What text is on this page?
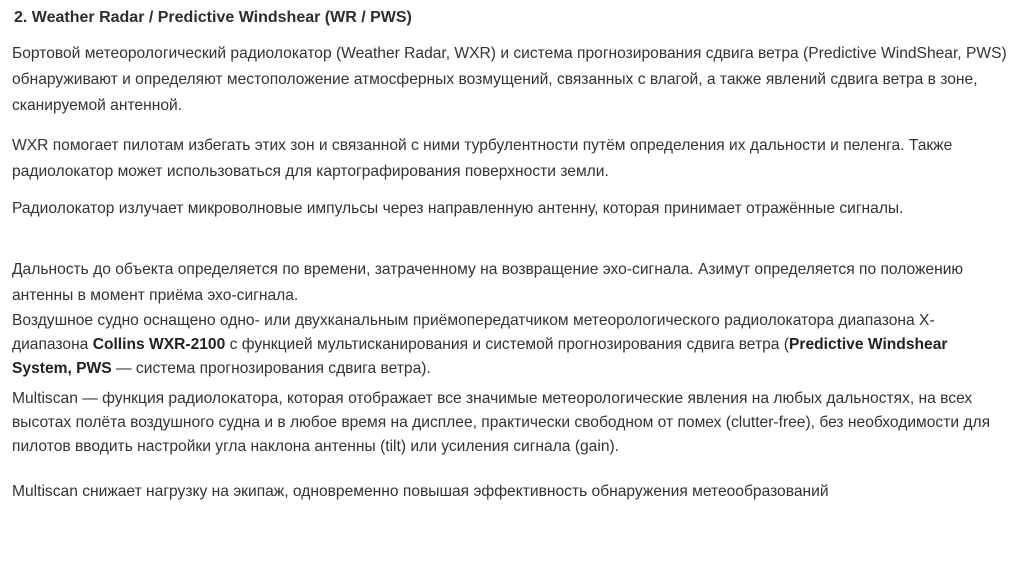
2. Weather Radar / Predictive Windshear (WR / PWS)

Бортовой метеорологический радиолокатор (Weather Radar, WXR) и система прогнозирования сдвига ветра (Predictive WindShear, PWS) обнаруживают и определяют местоположение атмосферных возмущений, связанных с влагой, а также явлений сдвига ветра в зоне, сканируемой антенной.

WXR помогает пилотам избегать этих зон и связанной с ними турбулентности путём определения их дальности и пеленга. Также радиолокатор может использоваться для картографирования поверхности земли.

Радиолокатор излучает микроволновые импульсы через направленную антенну, которая принимает отражённые сигналы.

Дальность до объекта определяется по времени, затраченному на возвращение эхо-сигнала. Азимут определяется по положению антенны в момент приёма эхо-сигнала.

Воздушное судно оснащено одно- или двухканальным приёмопередатчиком метеорологического радиолокатора диапазона X-диапазона Collins WXR-2100 с функцией мультисканирования и системой прогнозирования сдвига ветра (Predictive Windshear System, PWS — система прогнозирования сдвига ветра).

Multiscan — функция радиолокатора, которая отображает все значимые метеорологические явления на любых дальностях, на всех высотах полёта воздушного судна и в любое время на дисплее, практически свободном от помех (clutter-free), без необходимости для пилотов вводить настройки угла наклона антенны (tilt) или усиления сигнала (gain).

Multiscan снижает нагрузку на экипаж, одновременно повышая эффективность обнаружения метеообразований
